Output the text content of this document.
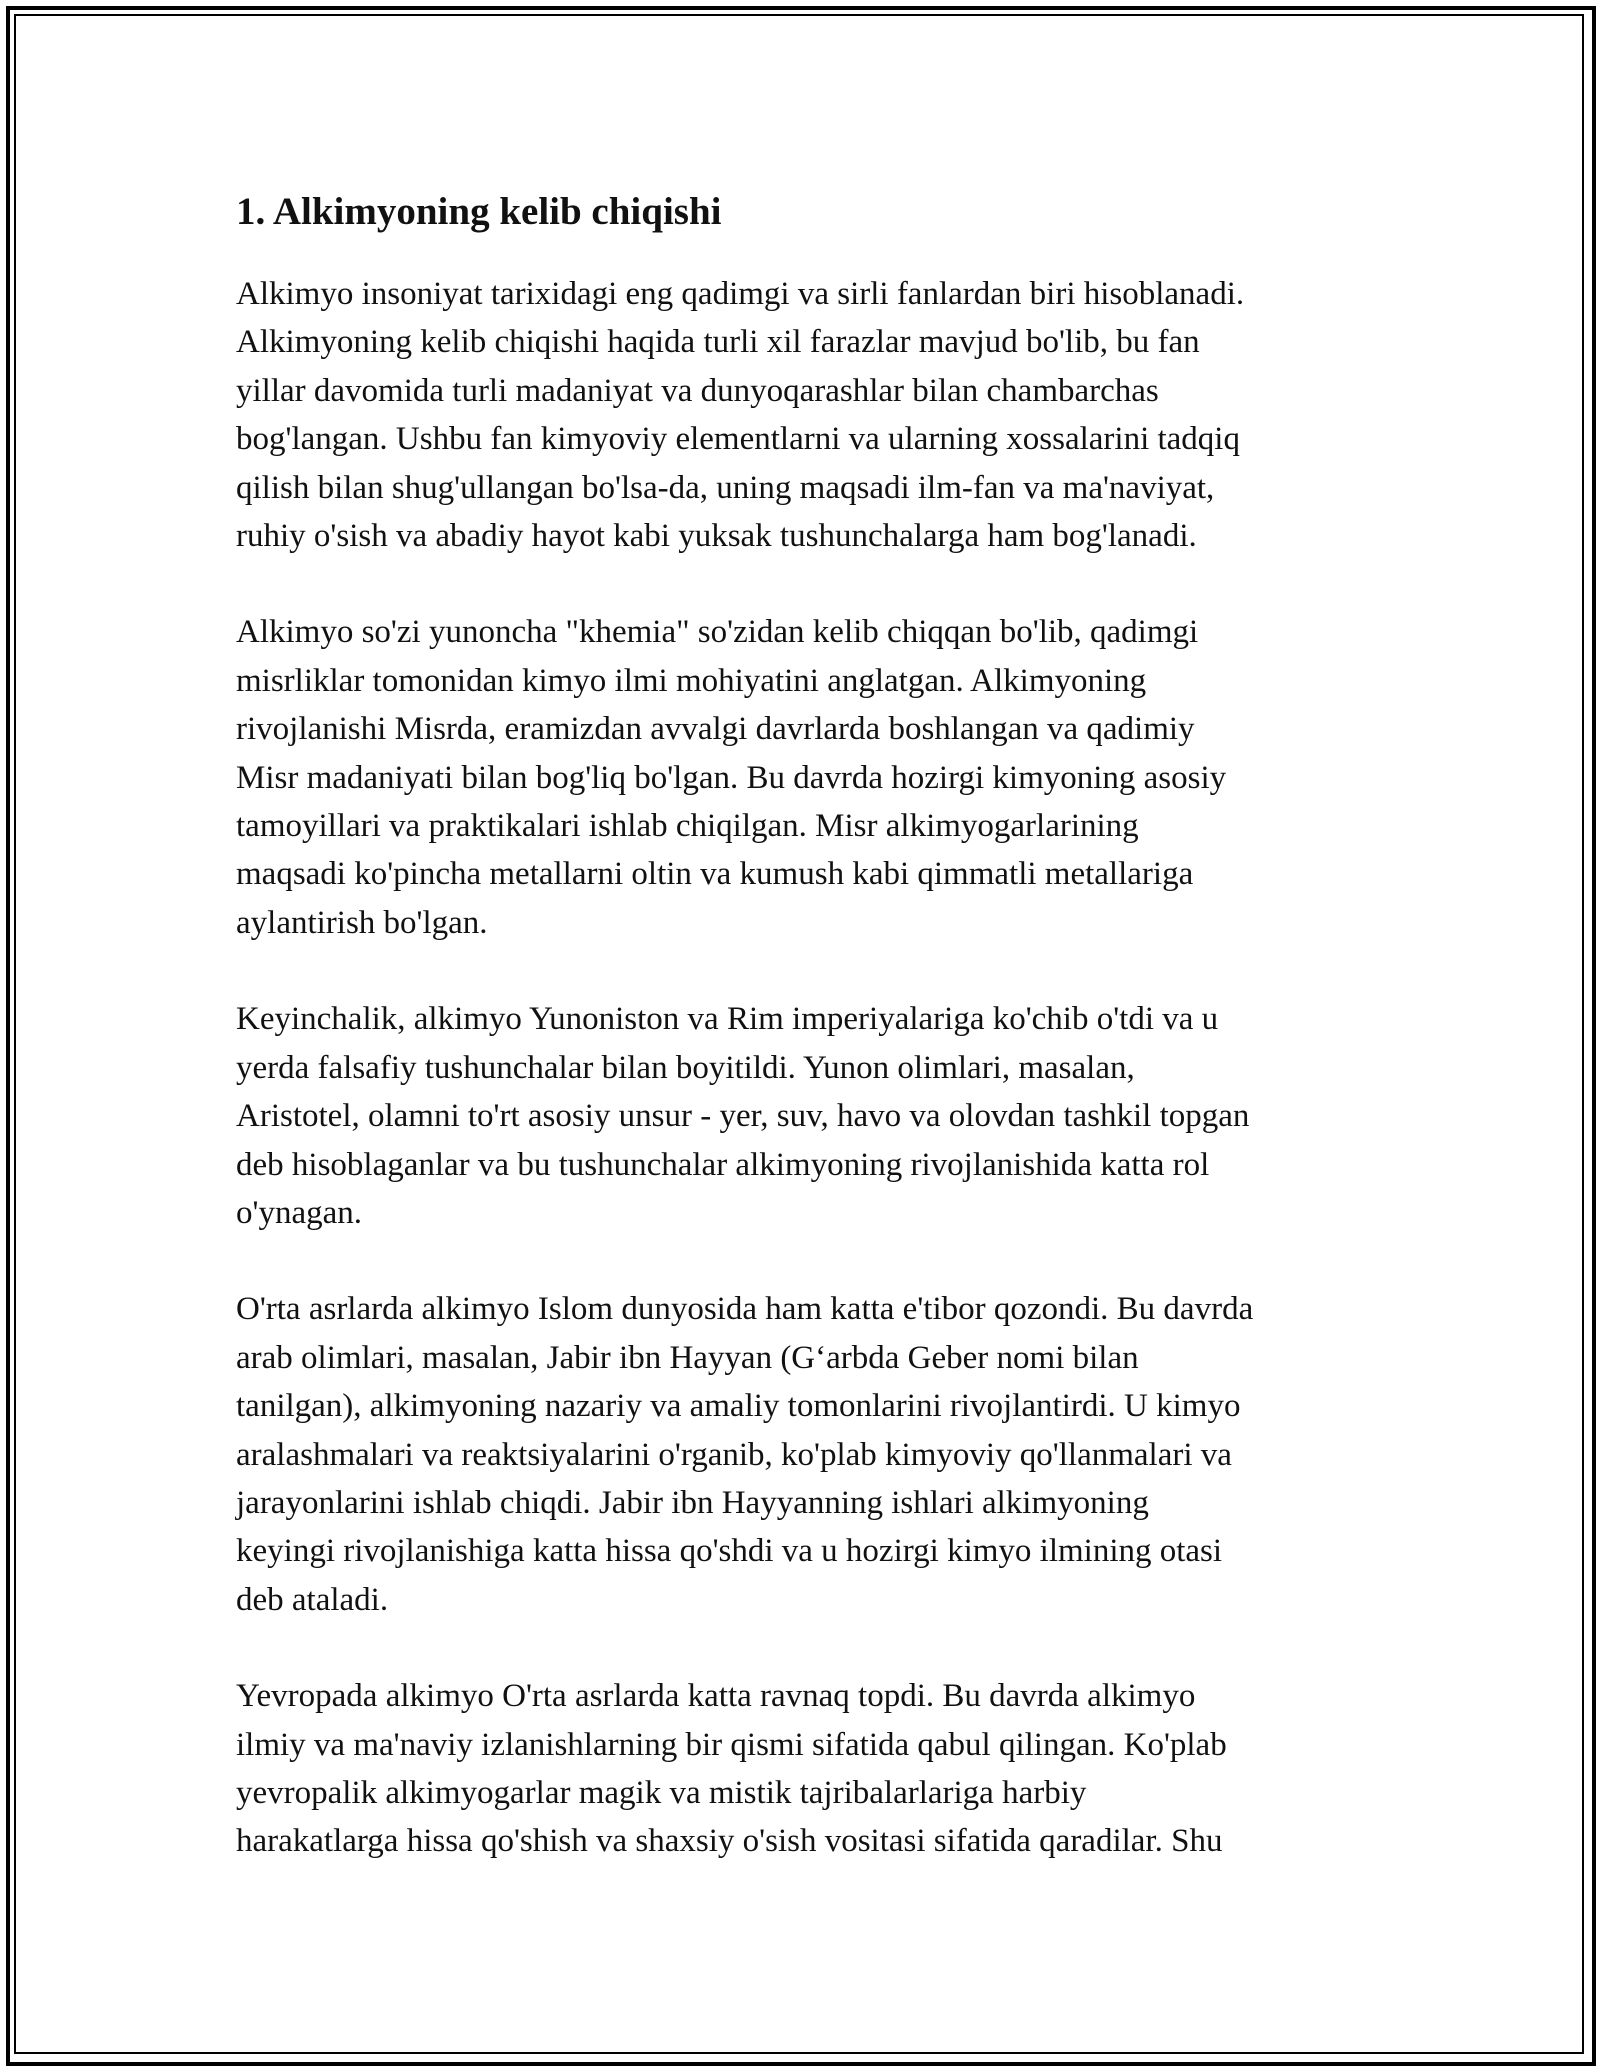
1. Alkimyoning kelib chiqishi

Alkimyo insoniyat tarixidagi eng qadimgi va sirli fanlardan biri hisoblanadi.
Alkimyoning kelib chiqishi haqida turli xil farazlar mavjud bo'lib, bu fan
yillar davomida turli madaniyat va dunyoqarashlar bilan chambarchas
bog'langan. Ushbu fan kimyoviy elementlarni va ularning xossalarini tadqiq
qilish bilan shug'ullangan bo'lsa-da, uning maqsadi ilm-fan va ma'naviyat,
ruhiy o'sish va abadiy hayot kabi yuksak tushunchalarga ham bog'lanadi.

Alkimyo so'zi yunoncha "khemia" so'zidan kelib chiqqan bo'lib, qadimgi
misrliklar tomonidan kimyo ilmi mohiyatini anglatgan. Alkimyoning
rivojlanishi Misrda, eramizdan avvalgi davrlarda boshlangan va qadimiy
Misr madaniyati bilan bog'liq bo'lgan. Bu davrda hozirgi kimyoning asosiy
tamoyillari va praktikalari ishlab chiqilgan. Misr alkimyogarlarining
maqsadi ko'pincha metallarni oltin va kumush kabi qimmatli metallariga
aylantirish bo'lgan.

Keyinchalik, alkimyo Yunoniston va Rim imperiyalariga ko'chib o'tdi va u
yerda falsafiy tushunchalar bilan boyitildi. Yunon olimlari, masalan,
Aristotel, olamni to'rt asosiy unsur - yer, suv, havo va olovdan tashkil topgan
deb hisoblaganlar va bu tushunchalar alkimyoning rivojlanishida katta rol
o'ynagan.

O'rta asrlarda alkimyo Islom dunyosida ham katta e'tibor qozondi. Bu davrda
arab olimlari, masalan, Jabir ibn Hayyan (G‘arbda Geber nomi bilan
tanilgan), alkimyoning nazariy va amaliy tomonlarini rivojlantirdi. U kimyo
aralashmalari va reaktsiyalarini o'rganib, ko'plab kimyoviy qo'llanmalari va
jarayonlarini ishlab chiqdi. Jabir ibn Hayyanning ishlari alkimyoning
keyingi rivojlanishiga katta hissa qo'shdi va u hozirgi kimyo ilmining otasi
deb ataladi.

Yevropada alkimyo O'rta asrlarda katta ravnaq topdi. Bu davrda alkimyo
ilmiy va ma'naviy izlanishlarning bir qismi sifatida qabul qilingan. Ko'plab
yevropalik alkimyogarlar magik va mistik tajribalarlariga harbiy
harakatlarga hissa qo'shish va shaxsiy o'sish vositasi sifatida qaradilar. Shu
